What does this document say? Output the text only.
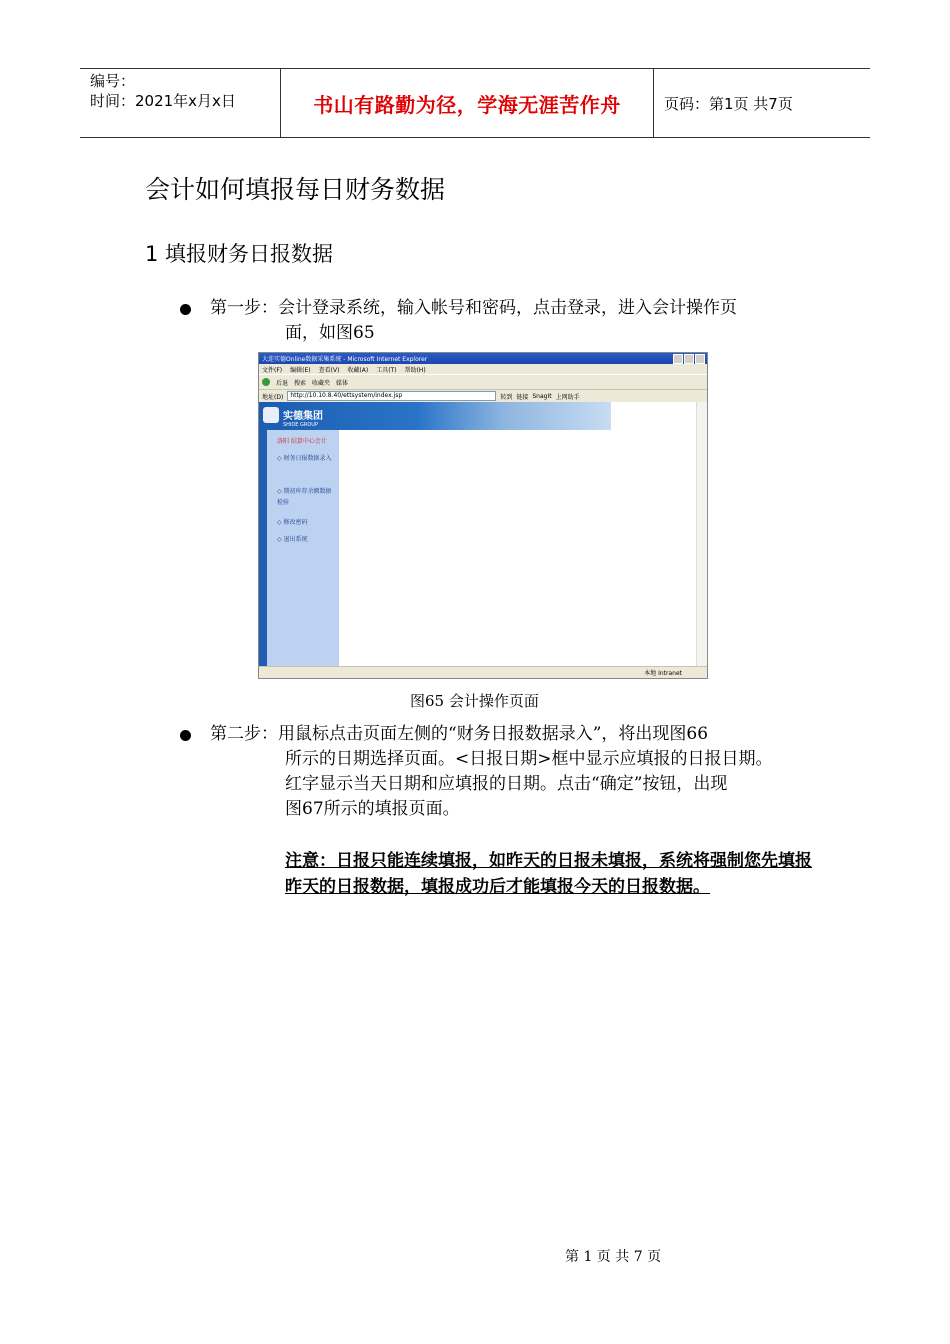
编号：
时间：2021年x月x日	书山有路勤为径，学海无涯苦作舟	页码：第1页 共7页
会计如何填报每日财务数据
1 填报财务日报数据
第一步：会计登录系统，输入帐号和密码，点击登录，进入会计操作页
面，如图65
大连实德Online数据采集系统 - Microsoft Internet Explorer
文件(F) 编辑(E) 查看(V) 收藏(A) 工具(T) 帮助(H)
后退 搜索 收藏夹 媒体
地址(D)	http://10.10.8.40/ettsystem/index.jsp	转到 链接 SnagIt 上网助手
实德集团
SHIDE GROUP
洛阳 结算中心会计
◇ 财务日报数据录入
◇ 期初库存余额数据检验
◇ 修改密码
◇ 退出系统
本地 Intranet
图65 会计操作页面
第二步：用鼠标点击页面左侧的“财务日报数据录入”，将出现图66
所示的日期选择页面。<日报日期>框中显示应填报的日报日期。
红字显示当天日期和应填报的日期。点击“确定”按钮，出现
图67所示的填报页面。
注意：日报只能连续填报，如昨天的日报未填报，系统将强制您先填报昨天的日报数据，填报成功后才能填报今天的日报数据。
第 1 页 共 7 页
